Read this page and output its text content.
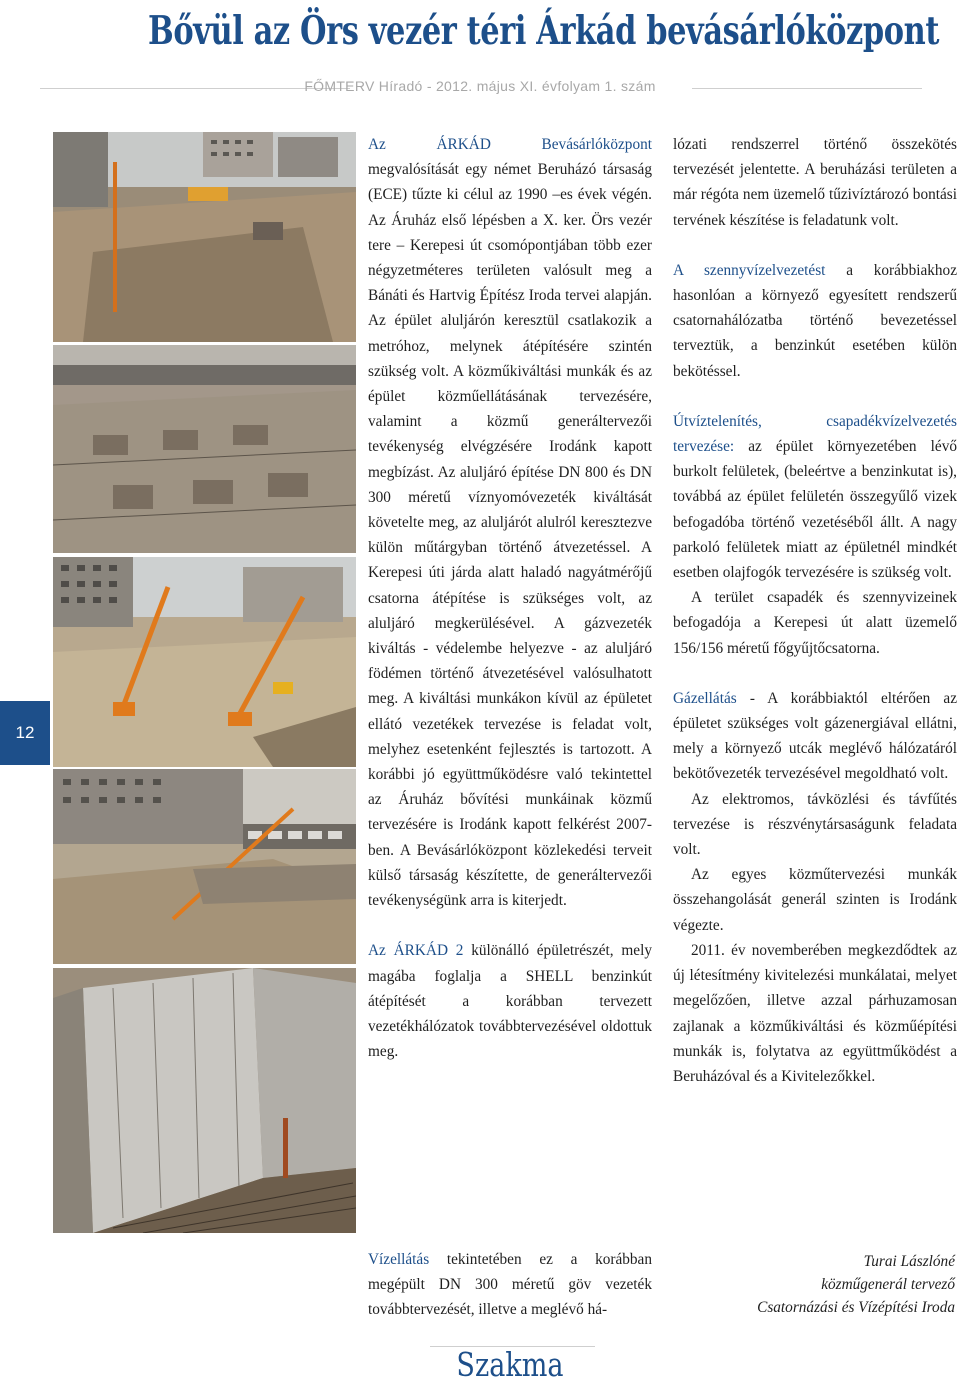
Bővül az Örs vezér téri Árkád bevásárlóközpont
FŐMTERV Híradó - 2012. május XI. évfolyam 1. szám
12

Az ÁRKÁD Bevásárlóközpont megvalósítását egy német Beruházó társaság (ECE) tűzte ki célul az 1990 –es évek végén. Az Áruház első lépésben a X. ker. Örs vezér tere – Kerepesi út csomópontjában több ezer négyzetméteres területen valósult meg a Bánáti és Hartvig Építész Iroda tervei alapján. Az épület aluljárón keresztül csatlakozik a metróhoz, melynek átépítésére szintén szükség volt. A közműkiváltási munkák és az épület közműellátásának tervezésére, valamint a közmű generáltervezői tevékenység elvégzésére Irodánk kapott megbízást. Az aluljáró építése DN 800 és DN 300 méretű víznyomóvezeték kiváltását követelte meg, az aluljárót alulról keresztezve külön műtárgyban történő átvezetéssel. A Kerepesi úti járda alatt haladó nagyátmérőjű csatorna átépítése is szükséges volt, az aluljáró megkerülésével. A gázvezeték kiváltás - védelembe helyezve - az aluljáró födémen történő átvezetésével valósulhatott meg. A kiváltási munkákon kívül az épületet ellátó vezetékek tervezése is feladat volt, melyhez esetenként fejlesztés is tartozott. A korábbi jó együttműködésre való tekintettel az Áruház bővítési munkáinak közmű tervezésére is Irodánk kapott felkérést 2007-ben. A Bevásárlóközpont közlekedési terveit külső társaság készítette, de generáltervezői tevékenységünk arra is kiterjedt.

Az ÁRKÁD 2 különálló épületrészét, mely magába foglalja a SHELL benzinkút átépítését a korábban tervezett vezetékhálózatok továbbtervezésével oldottuk meg.

Vízellátás tekintetében ez a korábban megépült DN 300 méretű göv vezeték továbbtervezését, illetve a meglévő há-

lózati rendszerrel történő összekötés tervezését jelentette. A beruházási területen a már régóta nem üzemelő tűzivíztározó bontási tervének készítése is feladatunk volt.

A szennyvízelvezetést a korábbiakhoz hasonlóan a környező egyesített rendszerű csatornahálózatba történő bevezetéssel terveztük, a benzinkút esetében külön bekötéssel.

Útvíztelenítés, csapadékvízelvezetés tervezése: az épület környezetében lévő burkolt felületek, (beleértve a benzinkutat is), továbbá az épület felületén összegyűlő vizek befogadóba történő vezetéséből állt. A nagy parkoló felületek miatt az épületnél mindkét esetben olajfogók tervezésére is szükség volt.

A terület csapadék és szennyvizeinek befogadója a Kerepesi út alatt üzemelő 156/156 méretű főgyűjtőcsatorna.

Gázellátás - A korábbiaktól eltérően az épületet szükséges volt gázenergiával ellátni, mely a környező utcák meglévő hálózatáról bekötővezeték tervezésével megoldható volt.

Az elektromos, távközlési és távfűtés tervezése is részvénytársaságunk feladata volt.

Az egyes közműtervezési munkák összehangolását generál szinten is Irodánk végezte.

2011. év novemberében megkezdődtek az új létesítmény kivitelezési munkálatai, melyet megelőzően, illetve azzal párhuzamosan zajlanak a közműkiváltási és közműépítési munkák is, folytatva az együttműködést a Beruházóval és a Kivitelezőkkel.

Turai Lászlóné
közműgenerál tervező
Csatornázási és Vízépítési Iroda
Szakma
